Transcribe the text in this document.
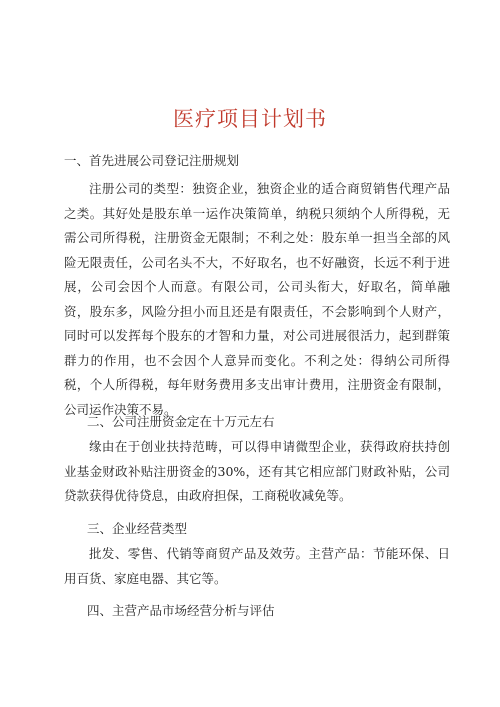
医疗项目计划书
一、首先进展公司登记注册规划

注册公司的类型：独资企业，独资企业的适合商贸销售代理产品之类。其好处是股东单一运作决策简单，纳税只须纳个人所得税，无需公司所得税，注册资金无限制；不利之处：股东单一担当全部的风险无限责任，公司名头不大，不好取名，也不好融资，长远不利于进展，公司会因个人而意。有限公司，公司头衔大，好取名，简单融资，股东多，风险分担小而且还是有限责任，不会影响到个人财产，同时可以发挥每个股东的才智和力量，对公司进展很活力，起到群策群力的作用，也不会因个人意异而变化。不利之处：得纳公司所得税，个人所得税，每年财务费用多支出审计费用，注册资金有限制，公司运作决策不易。

二、公司注册资金定在十万元左右

缘由在于创业扶持范畴，可以得申请微型企业，获得政府扶持创业基金财政补贴注册资金的30%，还有其它相应部门财政补贴，公司贷款获得优待贷息，由政府担保，工商税收减免等。

三、企业经营类型

批发、零售、代销等商贸产品及效劳。主营产品：节能环保、日用百货、家庭电器、其它等。

四、主营产品市场经营分析与评估
